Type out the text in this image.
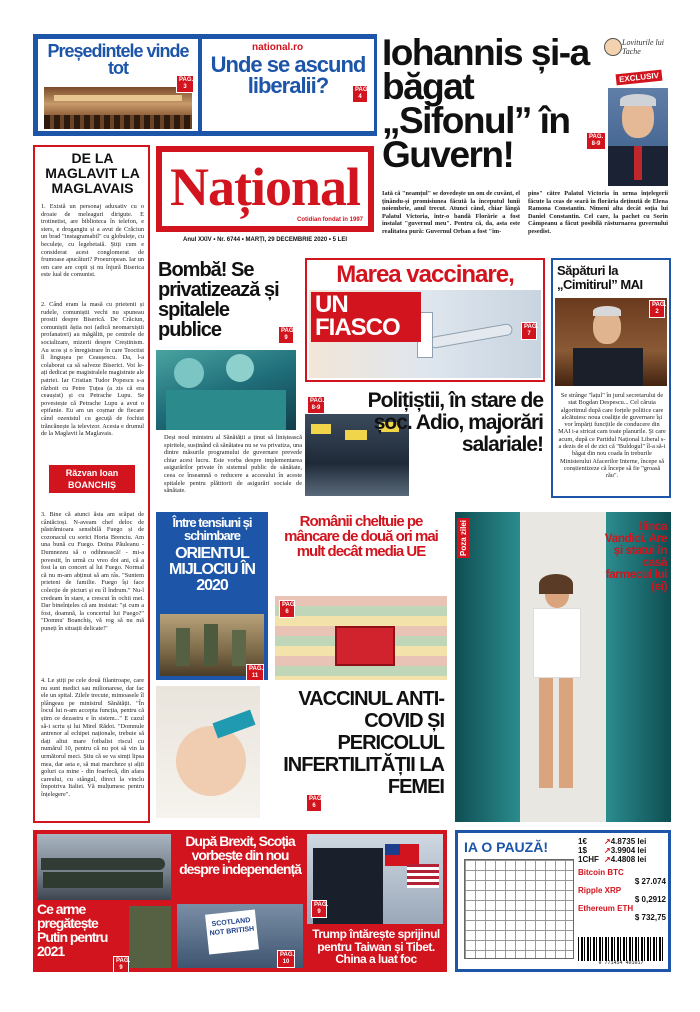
Președintele vinde tot
PAG. 3
national.ro
Unde se ascund liberalii?	PAG. 4
Iohannis și-a băgat „Sifonul” în Guvern!
Loviturile lui Tache
EXCLUSIV
PAG. 8-9
Iată că "neamțul" se dovedește un om de cuvânt, el ținându-și promisiunea făcută la începutul lunii noiembrie, anul trecut. Atunci când, chiar lângă Palatul Victoria, într-o bandă Florărie a fost instalat "guvernul meu". Pentru că, da, asta este realitatea pură: Guvernul Orban a fost "im-
pins" către Palatul Victoria în urma înțelegerii făcute la ceas de seară în florăria deținută de Elena Ramona Constantin. Nimeni alta decât soția lui Daniel Constantin. Cel care, la pachet cu Sorin Câmpeanu a făcut posibilă răsturnarea guvernului pesedist.
DE LA MAGLAVIT LA MAGLAVAIS
1. Există un personaj aduxativ cu o droaie de meleaguri dirigute. E trotinetist, are biblioteca în telefon, e sters, e drogangiu și a avut de Crăciun un brad "instagramabil" cu globulețe, cu beculețe, cu legebetaiă. Știți cum e considerat acest conglomerat de frumoase apucături? Proeuropean. Iar un om care are copii și nu înjură Biserica este lual de comunist.
2. Când eram la masă cu prietenii și rudele, comuniștii vechi nu spuneau prostii despre Biserică. De Crăciun, comuniștii ăștia noi (adică neomarxiștii profanatori) au măgălitt, pe centrele de socializare, mizerii despre Creștinism. Au scos și o înregistrare în care Teoctist îl lingușea pe Ceaușescu. Da, l-a colaborat ca să salveze Biserici. Voi le-ați dedicat pe magistralele magistrate ale patriei. Iar Cristian Tudor Popescu s-a războit cu Petre Țuțea (a zis că era ceaușist) și cu Petrache Lupu. Se povestește că Petrache Lupu a avut o epifanie. Eu am un coșmar de fiecare când ozenistul cu gecuță de fochist trăncănește la televizor. Acesta e drumul de la Maglavit la Maglavais.
Răzvan Ioan
BOANCHIȘ
3. Bine că atunci ăsta am scăpat de cântăcioși. N-aveam chef deloc de păstrămioara sensibilă Fuego și de cozonacul cu sorici Horia Brenciu. Am una bună cu Fuego. Doina Păuleanu - Dumnezeu să o odihnească! - mi-a povestit, în urmă cu vreo doi ani, că a fost la un concert al lui Fuego. Normal că nu m-am abținut să am râs. "Suntem prieteni de familie. Fuego își face colecție de picturi și eu îl îndrum." Nu-l credeam în stare, a crescut în ochii mei. Dar bineînțeles că am insistat: "și cum a fost, doamnă, la concertul lui Fuego?" "Domnu' Boanchiș, vă rog să nu mă puneți în situații delicate!"
4. Le știți pe cele două filantroape, care nu sunt medici sau milionarese, dar fac ele un spital. Zilele trecute, mimoasele îl plângeau pe ministrul Sănătății. "În locul lui n-am accepta funcția, pentru că știm ce dezastru e în sistem..." E cazul să-i scriu și lui Mirel Rădoi. "Domnule antrenor al echipei naționale, trebuie să dați altui mare fotbalist riscul cu numărul 10, pentru că nu pot să vin la următorul meci. Știu că se va simți lipsa mea, dar asta e, să mai marcheze și alții goluri ca mine - din foarfecă, din afara careului, cu stângul, direct la vinclu împotriva Italiei. Vă mulțumesc pentru înțelegere".
Național
Cotidian fondat în 1997
Anul XXIV • Nr. 6744 • MARȚI, 29 DECEMBRIE 2020 • 5 LEI
Bombă! Se privatizează și spitalele publice	PAG. 9
Marea vaccinare,
UN FIASCO	PAG. 7
Săpături la „Cimitirul” MAI
PAG. 2
Se strânge "lațul" în jurul secretarului de stat Bogdan Despescu... Cel căruia algoritmul după care forțele politice care alcătuiesc noua coaliție de guvernare își vor împărți funcțiile de conducere din MAI i-a stricat cam toate planurile. Și care acum, după ce Partidul Național Liberal s-a dezis de el de zici că "Buldogul" îl-a să-i băgat din nou coada în treburile Ministerului Afacerilor Interne, începe să conștientizeze că începe să fie "groasă rău".
PAG. 8-9	Polițiștii, în stare de șoc. Adio, majorări salariale!
Deși noul ministru al Sănătății a ținut să liniștească spiritele, susținând că sănătatea nu se va privatiza, una dintre măsurile programului de guvernare prevede chiar acest lucru. Este vorba despre implementarea asigurărilor private în sistemul public de sănătate, ceea ce înseamnă o reducere a accesului în aceste spitalele pentru plătitorii de asigurări sociale de sănătate.
Între tensiuni și schimbare
ORIENTUL MIJLOCIU ÎN 2020
PAG. 11
Românii cheltuie pe mâncare de două ori mai mult decât media UE
PAG. 6
Poza zilei	Ilinca Vandici. Are și statui în casă farmecul lui (ei)
VACCINUL ANTI-COVID ȘI PERICOLUL INFERTILITĂȚII LA FEMEI
PAG. 6
Ce arme pregătește Putin pentru 2021
PAG. 9
După Brexit, Scoția vorbește din nou despre independență
SCOTLAND NOT BRITISH
PAG. 10
PAG. 9
Trump întărește sprijinul pentru Taiwan și Tibet. China a luat foc
IA O PAUZĂ!
9 771454 401017
1€ ↗4.8735 lei
1$ ↗3.9904 lei
1CHF ↗4.4808 lei
Bitcoin BTC
$ 27.074
Ripple XRP
$ 0,2912
Ethereum ETH
$ 732,75
